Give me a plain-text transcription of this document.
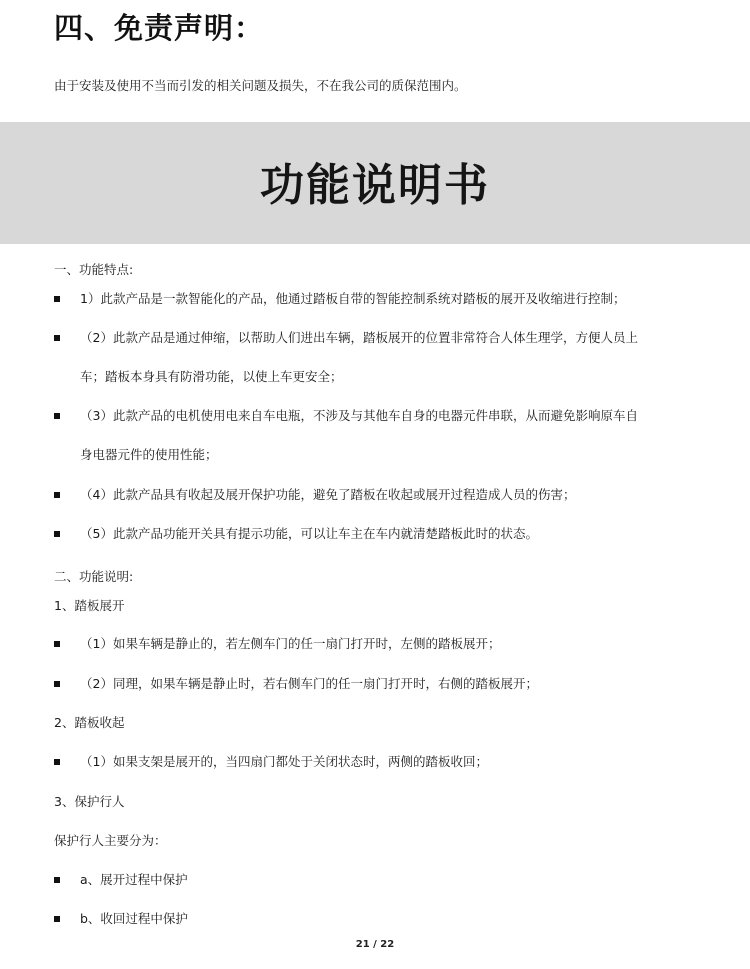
四、免责声明：
由于安装及使用不当而引发的相关问题及损失，不在我公司的质保范围内。
功能说明书
一、功能特点:
1）此款产品是一款智能化的产品，他通过踏板自带的智能控制系统对踏板的展开及收缩进行控制；
（2）此款产品是通过伸缩，以帮助人们进出车辆，踏板展开的位置非常符合人体生理学，方便人员上
车；踏板本身具有防滑功能，以使上车更安全；
（3）此款产品的电机使用电来自车电瓶，不涉及与其他车自身的电器元件串联，从而避免影响原车自
身电器元件的使用性能；
（4）此款产品具有收起及展开保护功能，避免了踏板在收起或展开过程造成人员的伤害；
（5）此款产品功能开关具有提示功能，可以让车主在车内就清楚踏板此时的状态。
二、功能说明:
1、踏板展开
（1）如果车辆是静止的，若左侧车门的任一扇门打开时，左侧的踏板展开；
（2）同理，如果车辆是静止时，若右侧车门的任一扇门打开时，右侧的踏板展开；
2、踏板收起
（1）如果支架是展开的，当四扇门都处于关闭状态时，两侧的踏板收回；
3、保护行人
保护行人主要分为：
a、展开过程中保护
b、收回过程中保护
21 / 22
